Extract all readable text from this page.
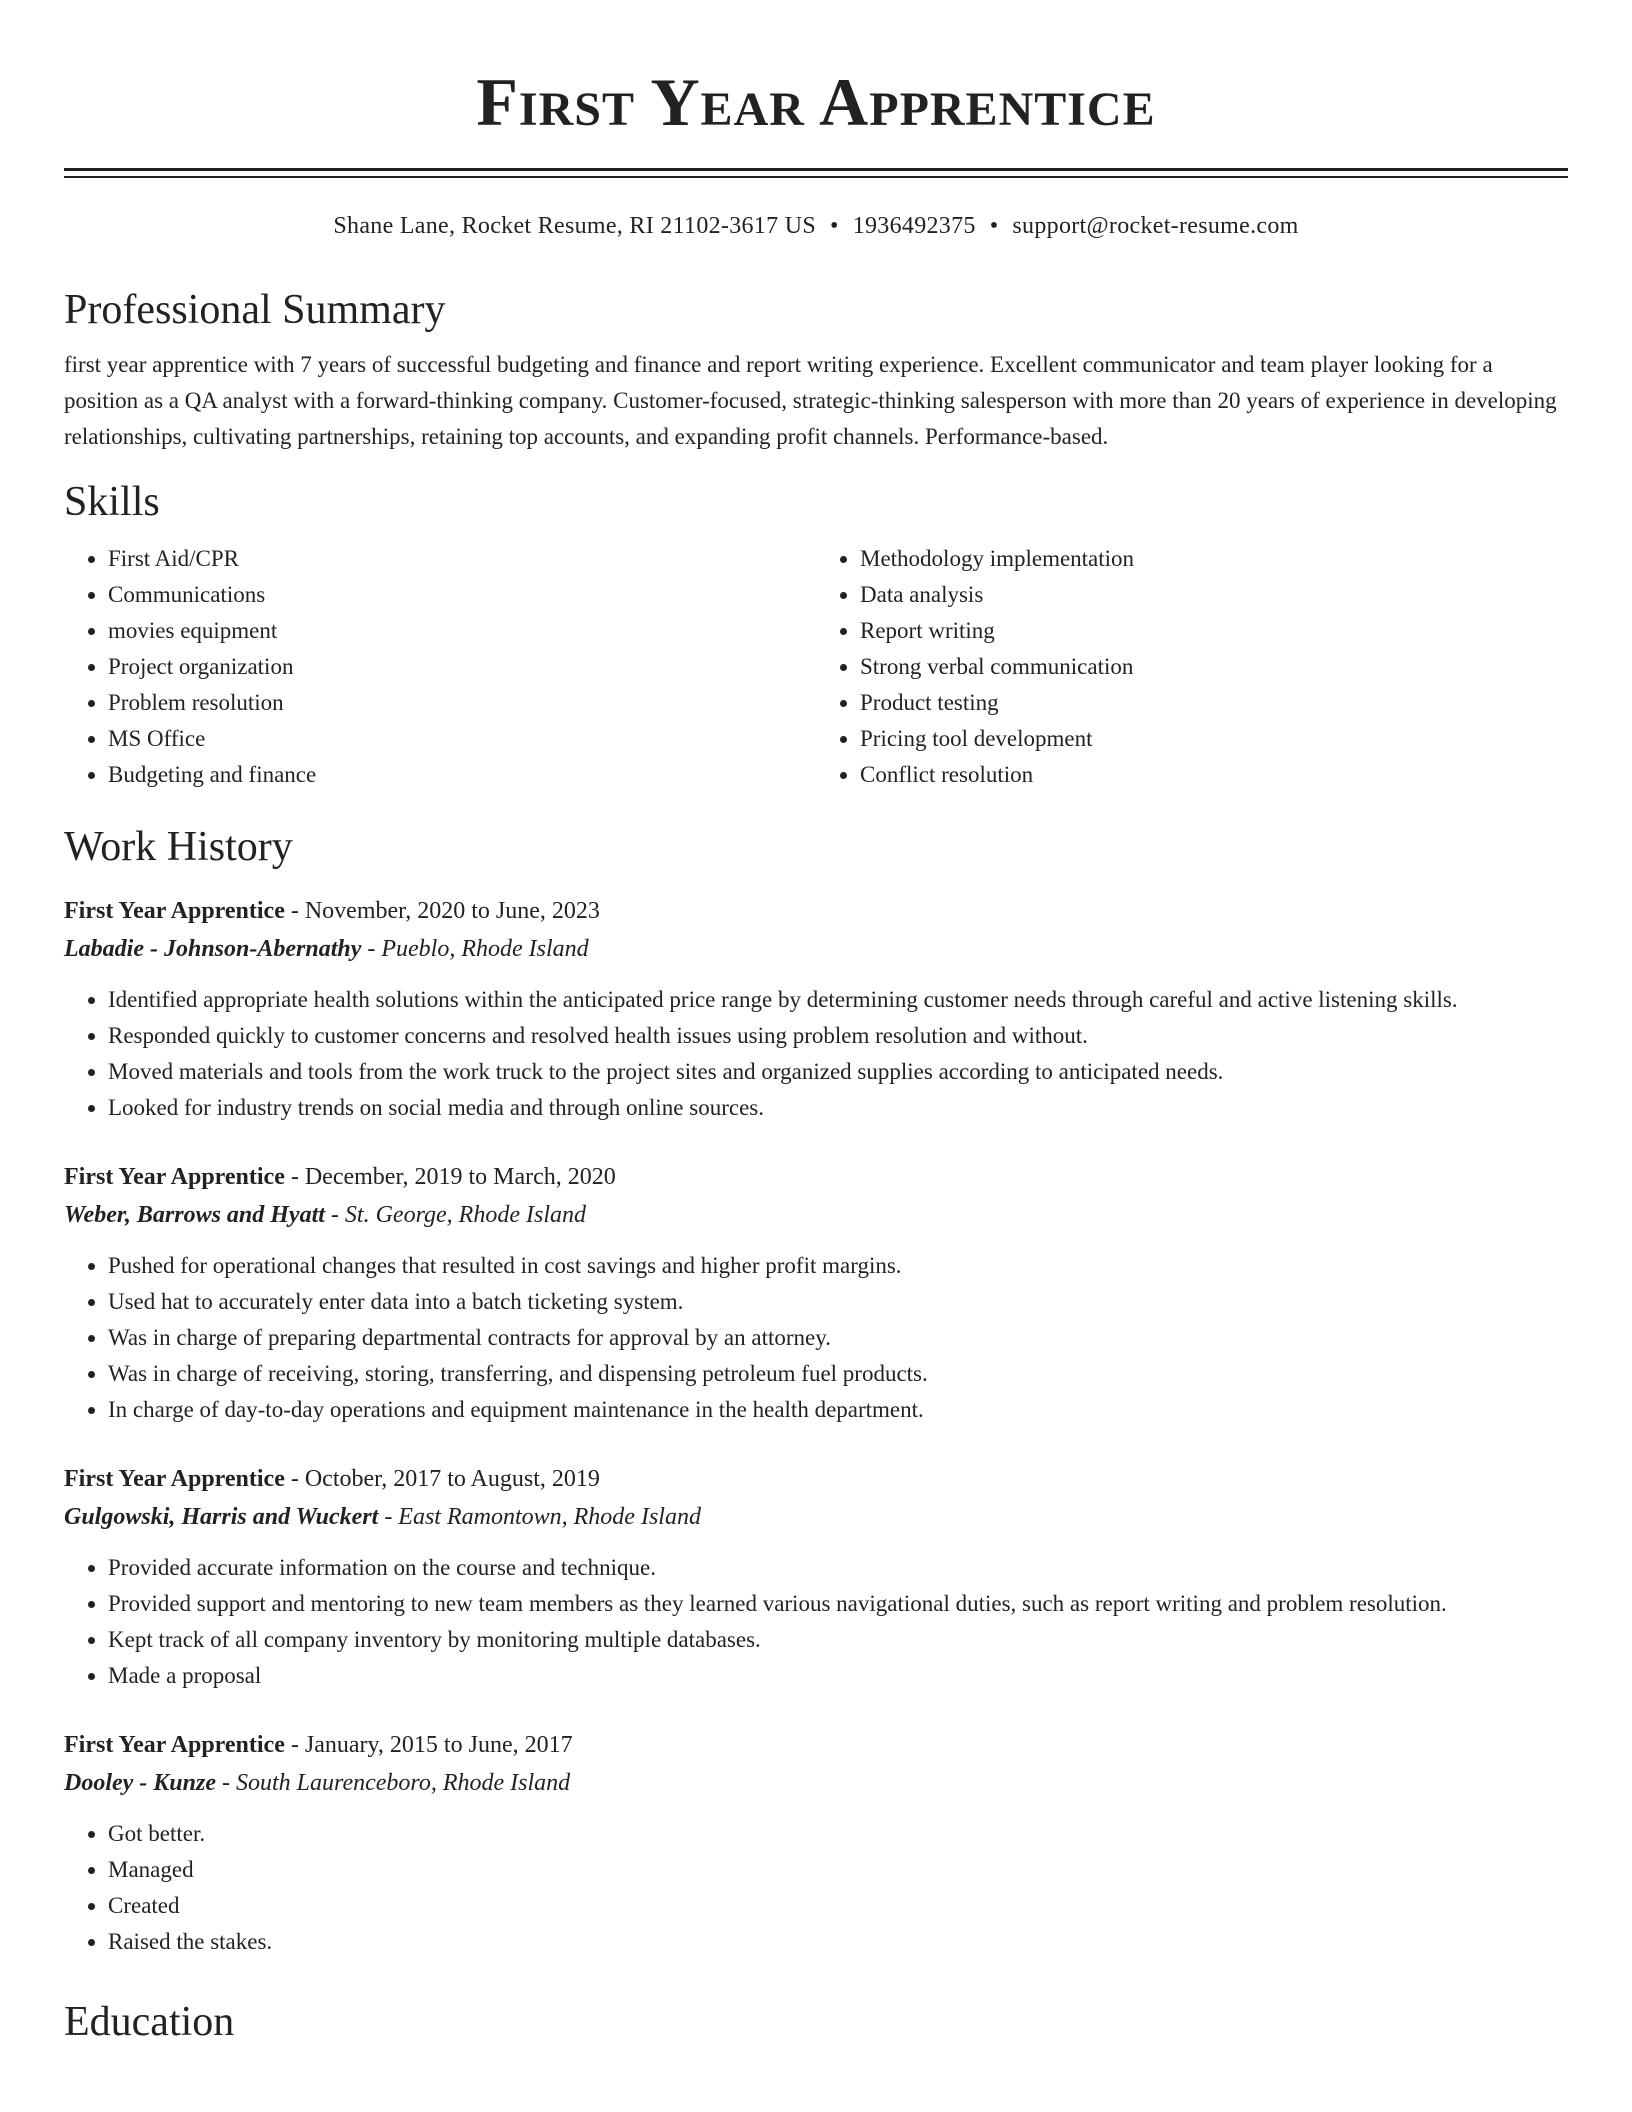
First Year Apprentice
Shane Lane, Rocket Resume, RI 21102-3617 US • 1936492375 • support@rocket-resume.com
Professional Summary
first year apprentice with 7 years of successful budgeting and finance and report writing experience. Excellent communicator and team player looking for a position as a QA analyst with a forward-thinking company. Customer-focused, strategic-thinking salesperson with more than 20 years of experience in developing relationships, cultivating partnerships, retaining top accounts, and expanding profit channels. Performance-based.
Skills
• First Aid/CPR
• Communications
• movies equipment
• Project organization
• Problem resolution
• MS Office
• Budgeting and finance
• Methodology implementation
• Data analysis
• Report writing
• Strong verbal communication
• Product testing
• Pricing tool development
• Conflict resolution
Work History
First Year Apprentice - November, 2020 to June, 2023
Labadie - Johnson-Abernathy - Pueblo, Rhode Island
• Identified appropriate health solutions within the anticipated price range by determining customer needs through careful and active listening skills.
• Responded quickly to customer concerns and resolved health issues using problem resolution and without.
• Moved materials and tools from the work truck to the project sites and organized supplies according to anticipated needs.
• Looked for industry trends on social media and through online sources.
First Year Apprentice - December, 2019 to March, 2020
Weber, Barrows and Hyatt - St. George, Rhode Island
• Pushed for operational changes that resulted in cost savings and higher profit margins.
• Used hat to accurately enter data into a batch ticketing system.
• Was in charge of preparing departmental contracts for approval by an attorney.
• Was in charge of receiving, storing, transferring, and dispensing petroleum fuel products.
• In charge of day-to-day operations and equipment maintenance in the health department.
First Year Apprentice - October, 2017 to August, 2019
Gulgowski, Harris and Wuckert - East Ramontown, Rhode Island
• Provided accurate information on the course and technique.
• Provided support and mentoring to new team members as they learned various navigational duties, such as report writing and problem resolution.
• Kept track of all company inventory by monitoring multiple databases.
• Made a proposal
First Year Apprentice - January, 2015 to June, 2017
Dooley - Kunze - South Laurenceboro, Rhode Island
• Got better.
• Managed
• Created
• Raised the stakes.
Education
